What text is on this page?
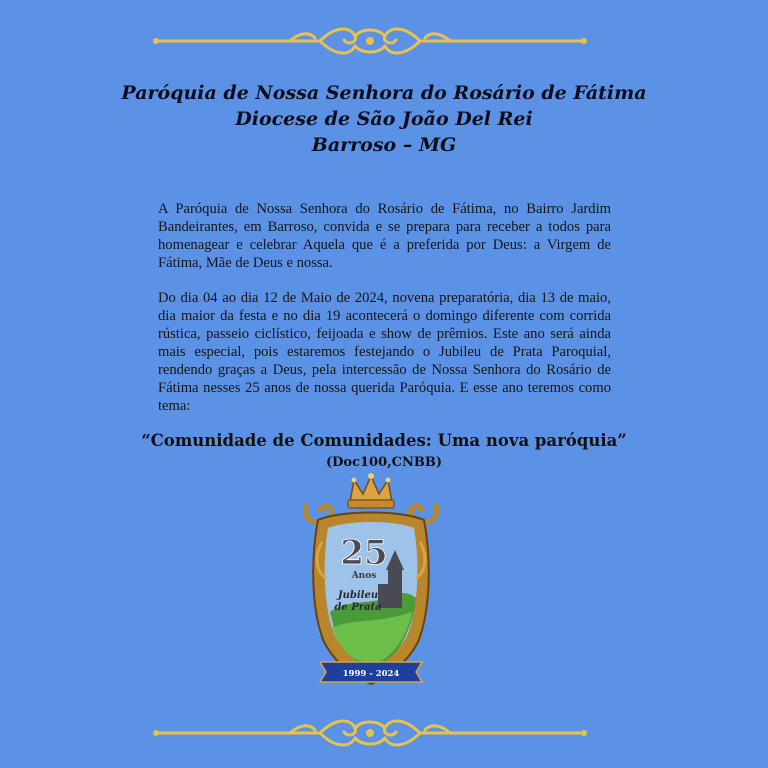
Paróquia de Nossa Senhora do Rosário de Fátima
Diocese de São João Del Rei
Barroso – MG
A Paróquia de Nossa Senhora do Rosário de Fátima, no Bairro Jardim Bandeirantes, em Barroso, convida e se prepara para receber a todos para homenagear e celebrar Aquela que é a preferida por Deus: a Virgem de Fátima, Mãe de Deus e nossa.
Do dia 04 ao dia 12 de Maio de 2024, novena preparatória, dia 13 de maio, dia maior da festa e no dia 19 acontecerá o domingo diferente com corrida rústica, passeio ciclístico, feijoada e show de prêmios. Este ano será ainda mais especial, pois estaremos festejando o Jubileu de Prata Paroquial, rendendo graças a Deus, pela intercessão de Nossa Senhora do Rosário de Fátima nesses 25 anos de nossa querida Paróquia. E esse ano teremos como tema:
“Comunidade de Comunidades: Uma nova paróquia”
(Doc100,CNBB)
25
Anos
Jubileu
de Prata
1999 - 2024
